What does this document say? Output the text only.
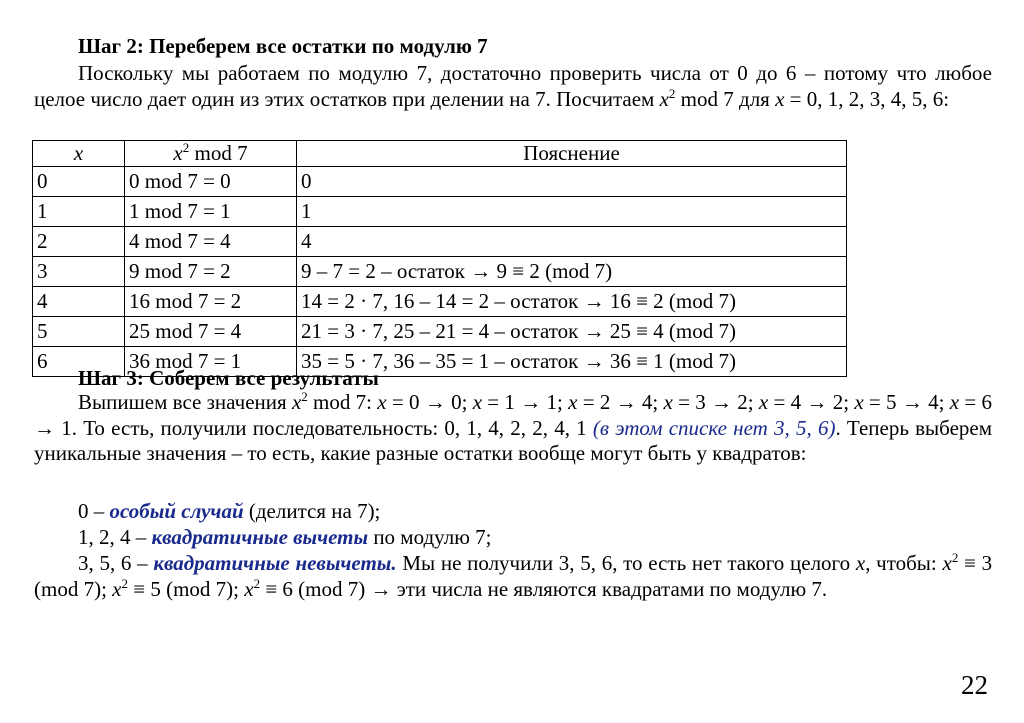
Шаг 2: Переберем все остатки по модулю 7
Поскольку мы работаем по модулю 7, достаточно проверить числа от 0 до 6 – потому что любое целое число дает один из этих остатков при делении на 7. Посчитаем $x^2$ mod 7 для x = 0, 1, 2, 3, 4, 5, 6:
x	$x^2$ mod 7	Пояснение
0	0 mod 7 = 0	0
1	1 mod 7 = 1	1
2	4 mod 7 = 4	4
3	9 mod 7 = 2	9 – 7 = 2 – остаток → 9 ≡ 2 (mod 7)
4	16 mod 7 = 2	14 = 2 · 7, 16 – 14 = 2 – остаток → 16 ≡ 2 (mod 7)
5	25 mod 7 = 4	21 = 3 · 7, 25 – 21 = 4 – остаток → 25 ≡ 4 (mod 7)
6	36 mod 7 = 1	35 = 5 · 7, 36 – 35 = 1 – остаток → 36 ≡ 1 (mod 7)
Шаг 3: Соберем все результаты
Выпишем все значения $x^2$ mod 7: x = 0 → 0; x = 1 → 1; x = 2 → 4; x = 3 → 2; x = 4 → 2; x = 5 → 4; x = 6 → 1. То есть, получили последовательность: 0, 1, 4, 2, 2, 4, 1 (в этом списке нет 3, 5, 6). Теперь выберем уникальные значения – то есть, какие разные остатки вообще могут быть у квадратов:
0 – особый случай (делится на 7);
1, 2, 4 – квадратичные вычеты по модулю 7;
3, 5, 6 – квадратичные невычеты. Мы не получили 3, 5, 6, то есть нет такого целого x, чтобы: $x^2 \equiv 3$ (mod 7); $x^2 \equiv 5$ (mod 7); $x^2 \equiv 6$ (mod 7) → эти числа не являются квадратами по модулю 7.
22
